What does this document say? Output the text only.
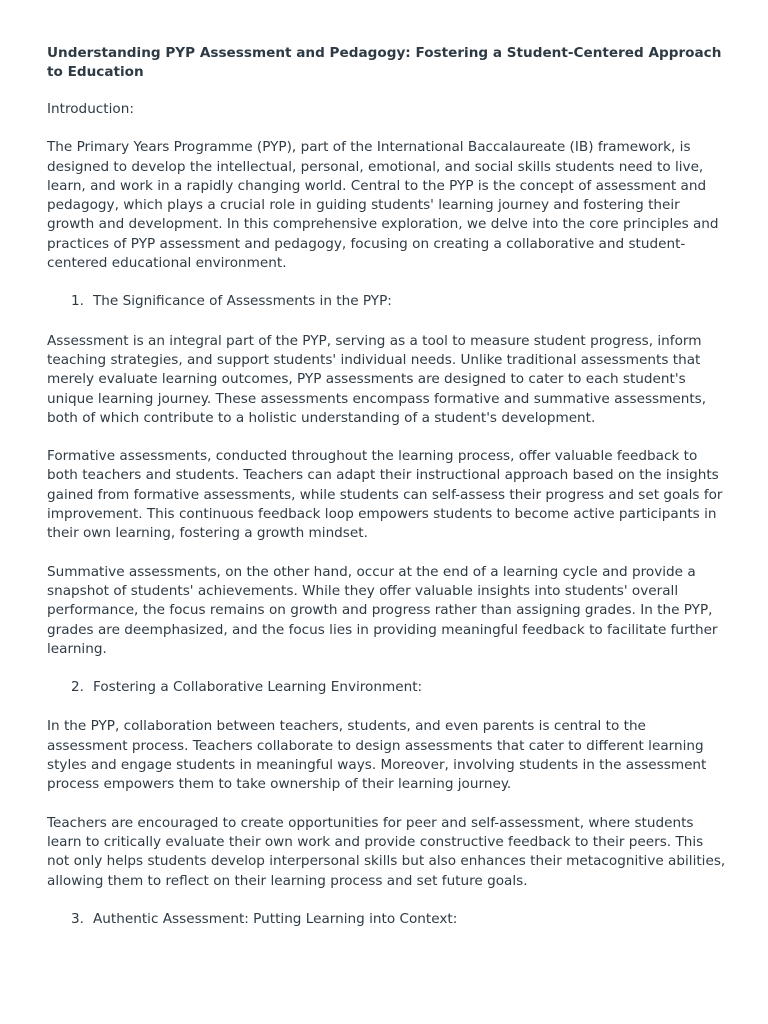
Understanding PYP Assessment and Pedagogy: Fostering a Student-Centered Approach to Education
Introduction:

The Primary Years Programme (PYP), part of the International Baccalaureate (IB) framework, is designed to develop the intellectual, personal, emotional, and social skills students need to live, learn, and work in a rapidly changing world. Central to the PYP is the concept of assessment and pedagogy, which plays a crucial role in guiding students' learning journey and fostering their growth and development. In this comprehensive exploration, we delve into the core principles and practices of PYP assessment and pedagogy, focusing on creating a collaborative and student-centered educational environment.

1. The Significance of Assessments in the PYP:

Assessment is an integral part of the PYP, serving as a tool to measure student progress, inform teaching strategies, and support students' individual needs. Unlike traditional assessments that merely evaluate learning outcomes, PYP assessments are designed to cater to each student's unique learning journey. These assessments encompass formative and summative assessments, both of which contribute to a holistic understanding of a student's development.

Formative assessments, conducted throughout the learning process, offer valuable feedback to both teachers and students. Teachers can adapt their instructional approach based on the insights gained from formative assessments, while students can self-assess their progress and set goals for improvement. This continuous feedback loop empowers students to become active participants in their own learning, fostering a growth mindset.

Summative assessments, on the other hand, occur at the end of a learning cycle and provide a snapshot of students' achievements. While they offer valuable insights into students' overall performance, the focus remains on growth and progress rather than assigning grades. In the PYP, grades are deemphasized, and the focus lies in providing meaningful feedback to facilitate further learning.

2. Fostering a Collaborative Learning Environment:

In the PYP, collaboration between teachers, students, and even parents is central to the assessment process. Teachers collaborate to design assessments that cater to different learning styles and engage students in meaningful ways. Moreover, involving students in the assessment process empowers them to take ownership of their learning journey.

Teachers are encouraged to create opportunities for peer and self-assessment, where students learn to critically evaluate their own work and provide constructive feedback to their peers. This not only helps students develop interpersonal skills but also enhances their metacognitive abilities, allowing them to reflect on their learning process and set future goals.

3. Authentic Assessment: Putting Learning into Context:
